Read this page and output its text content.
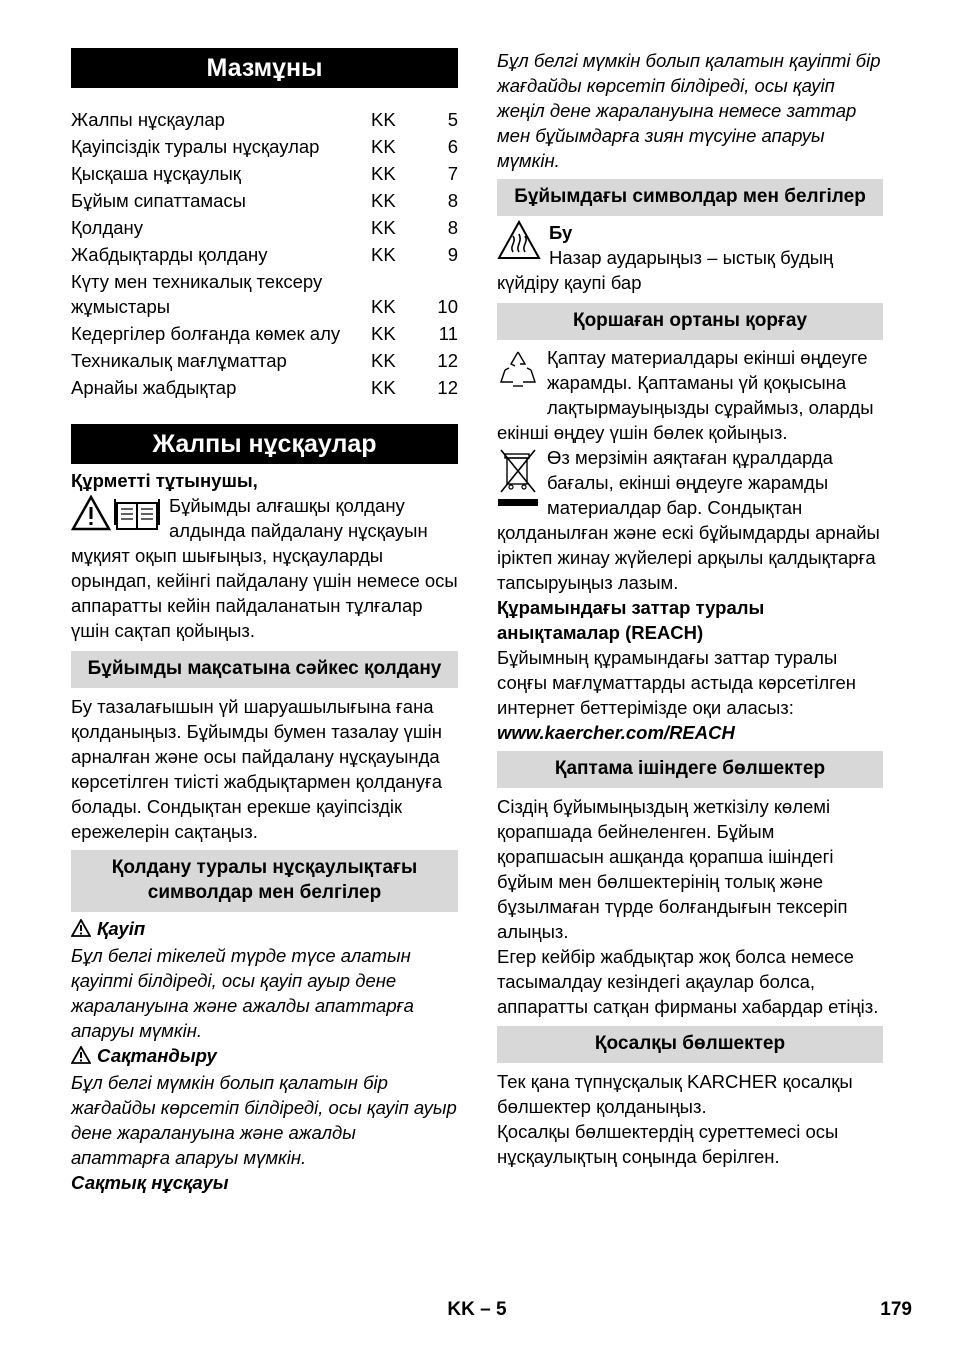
Мазмұны
Жалпы нұсқаулар	KK	5
Қауіпсіздік туралы нұсқаулар	KK	6
Қысқаша нұсқаулық	KK	7
Бұйым сипаттамасы	KK	8
Қолдану	KK	8
Жабдықтарды қолдану	KK	9
Күту мен техникалық тексеру жұмыстары	KK	10
Кедергілер болғанда көмек алу	KK	11
Техникалық мағлұматтар	KK	12
Арнайы жабдықтар	KK	12
Жалпы нұсқаулар

Құрметті тұтынушы,

Бұйымды алғашқы қолдану алдында пайдалану нұсқауын мұқият оқып шығыңыз, нұсқауларды орындап, кейінгі пайдалану үшін немесе осы аппаратты кейін пайдаланатын тұлғалар үшін сақтап қойыңыз.

Бұйымды мақсатына сәйкес қолдану

Бу тазалағышын үй шаруашылығына ғана қолданыңыз. Бұйымды бумен тазалау үшін арналған және осы пайдалану нұсқауында көрсетілген тиісті жабдықтармен қолдануға болады. Сондықтан ерекше қауіпсіздік ережелерін сақтаңыз.

Қолдану туралы нұсқаулықтағы символдар мен белгілер

Қауіп

Бұл белгі тікелей түрде түсе алатын қауіпті білдіреді, осы қауіп ауыр дене жаралануына және ажалды апаттарға апаруы мүмкін.

Сақтандыру

Бұл белгі мүмкін болып қалатын бір жағдайды көрсетіп білдіреді, осы қауіп ауыр дене жаралануына және ажалды апаттарға апаруы мүмкін.

Сақтық нұсқауы

Бұл белгі мүмкін болып қалатын қауіпті бір жағдайды көрсетіп білдіреді, осы қауіп жеңіл дене жаралануына немесе заттар мен бұйымдарға зиян түсуіне апаруы мүмкін.

Бұйымдағы символдар мен белгілер

Бу

Назар аударыңыз – ыстық будың күйдіру қаупі бар

Қоршаған ортаны қорғау

Қаптау материалдары екінші өңдеуге жарамды. Қаптаманы үй қоқысына лақтырмауыңызды сұраймыз, оларды екінші өңдеу үшін бөлек қойыңыз.

Өз мерзімін аяқтаған құралдарда бағалы, екінші өңдеуге жарамды материалдар бар. Сондықтан қолданылған және ескі бұйымдарды арнайы іріктеп жинау жүйелері арқылы қалдықтарға тапсыруыңыз лазым.

Құрамындағы заттар туралы анықтамалар (REACH)

Бұйымның құрамындағы заттар туралы соңғы мағлұматтарды астыда көрсетілген интернет беттерімізде оқи аласыз:

www.kaercher.com/REACH

Қаптама ішіндеге бөлшектер

Сіздің бұйымыңыздың жеткізілу көлемі қорапшада бейнеленген. Бұйым қорапшасын ашқанда қорапша ішіндегі бұйым мен бөлшектерінің толық және бұзылмаған түрде болғандығын тексеріп алыңыз.

Егер кейбір жабдықтар жоқ болса немесе тасымалдау кезіндегі ақаулар болса, аппаратты сатқан фирманы хабардар етіңіз.

Қосалқы бөлшектер

Тек қана түпнұсқалық KARCHER қосалқы бөлшектер қолданыңыз.

Қосалқы бөлшектердің суреттемесі осы нұсқаулықтың соңында берілген.

KK – 5	179
